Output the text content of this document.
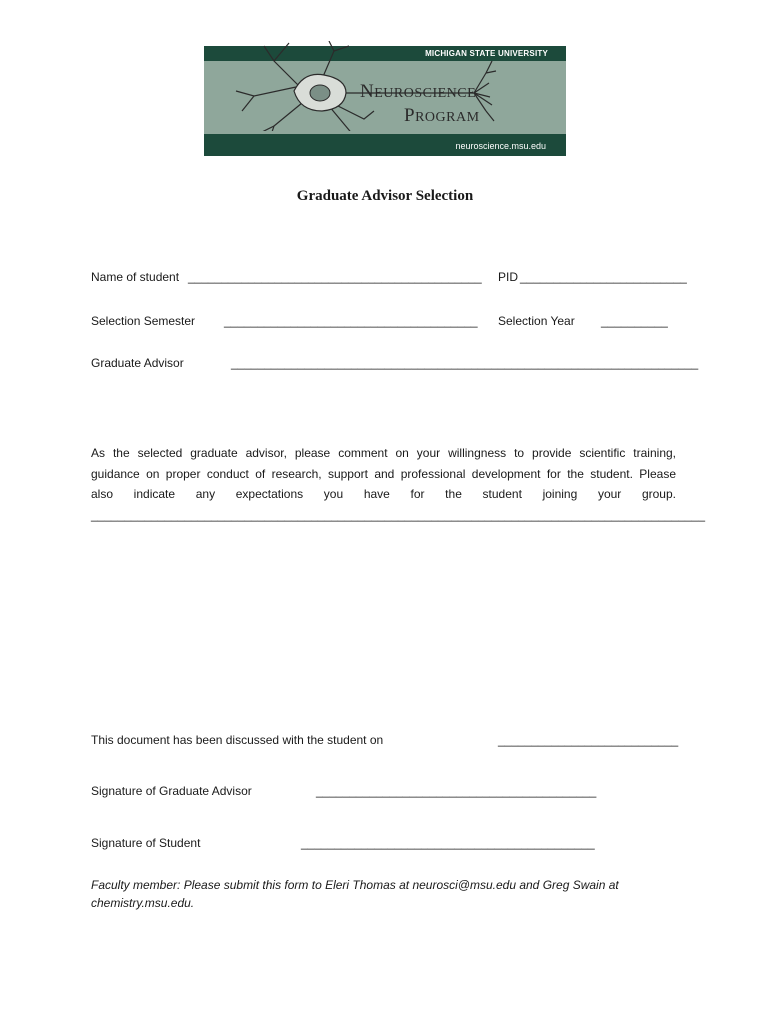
MICHIGAN STATE UNIVERSITY
NEUROSCIENCE
PROGRAM
neuroscience.msu.edu
Graduate Advisor Selection
Name of student ____________________________________________ PID _________________________
Selection Semester ______________________________________ Selection Year __________
Graduate Advisor	______________________________________________________________________
As the selected graduate advisor, please comment on your willingness to provide scientific training,
guidance on proper conduct of research, support and professional development for the student. Please
also indicate any expectations you have for the student joining your group.
____________________________________________________________________________________________
This document has been discussed with the student on	___________________________
Signature of Graduate Advisor	__________________________________________
Signature of Student	____________________________________________
Faculty member: Please submit this form to Eleri Thomas at neurosci@msu.edu and Greg Swain at
chemistry.msu.edu.
